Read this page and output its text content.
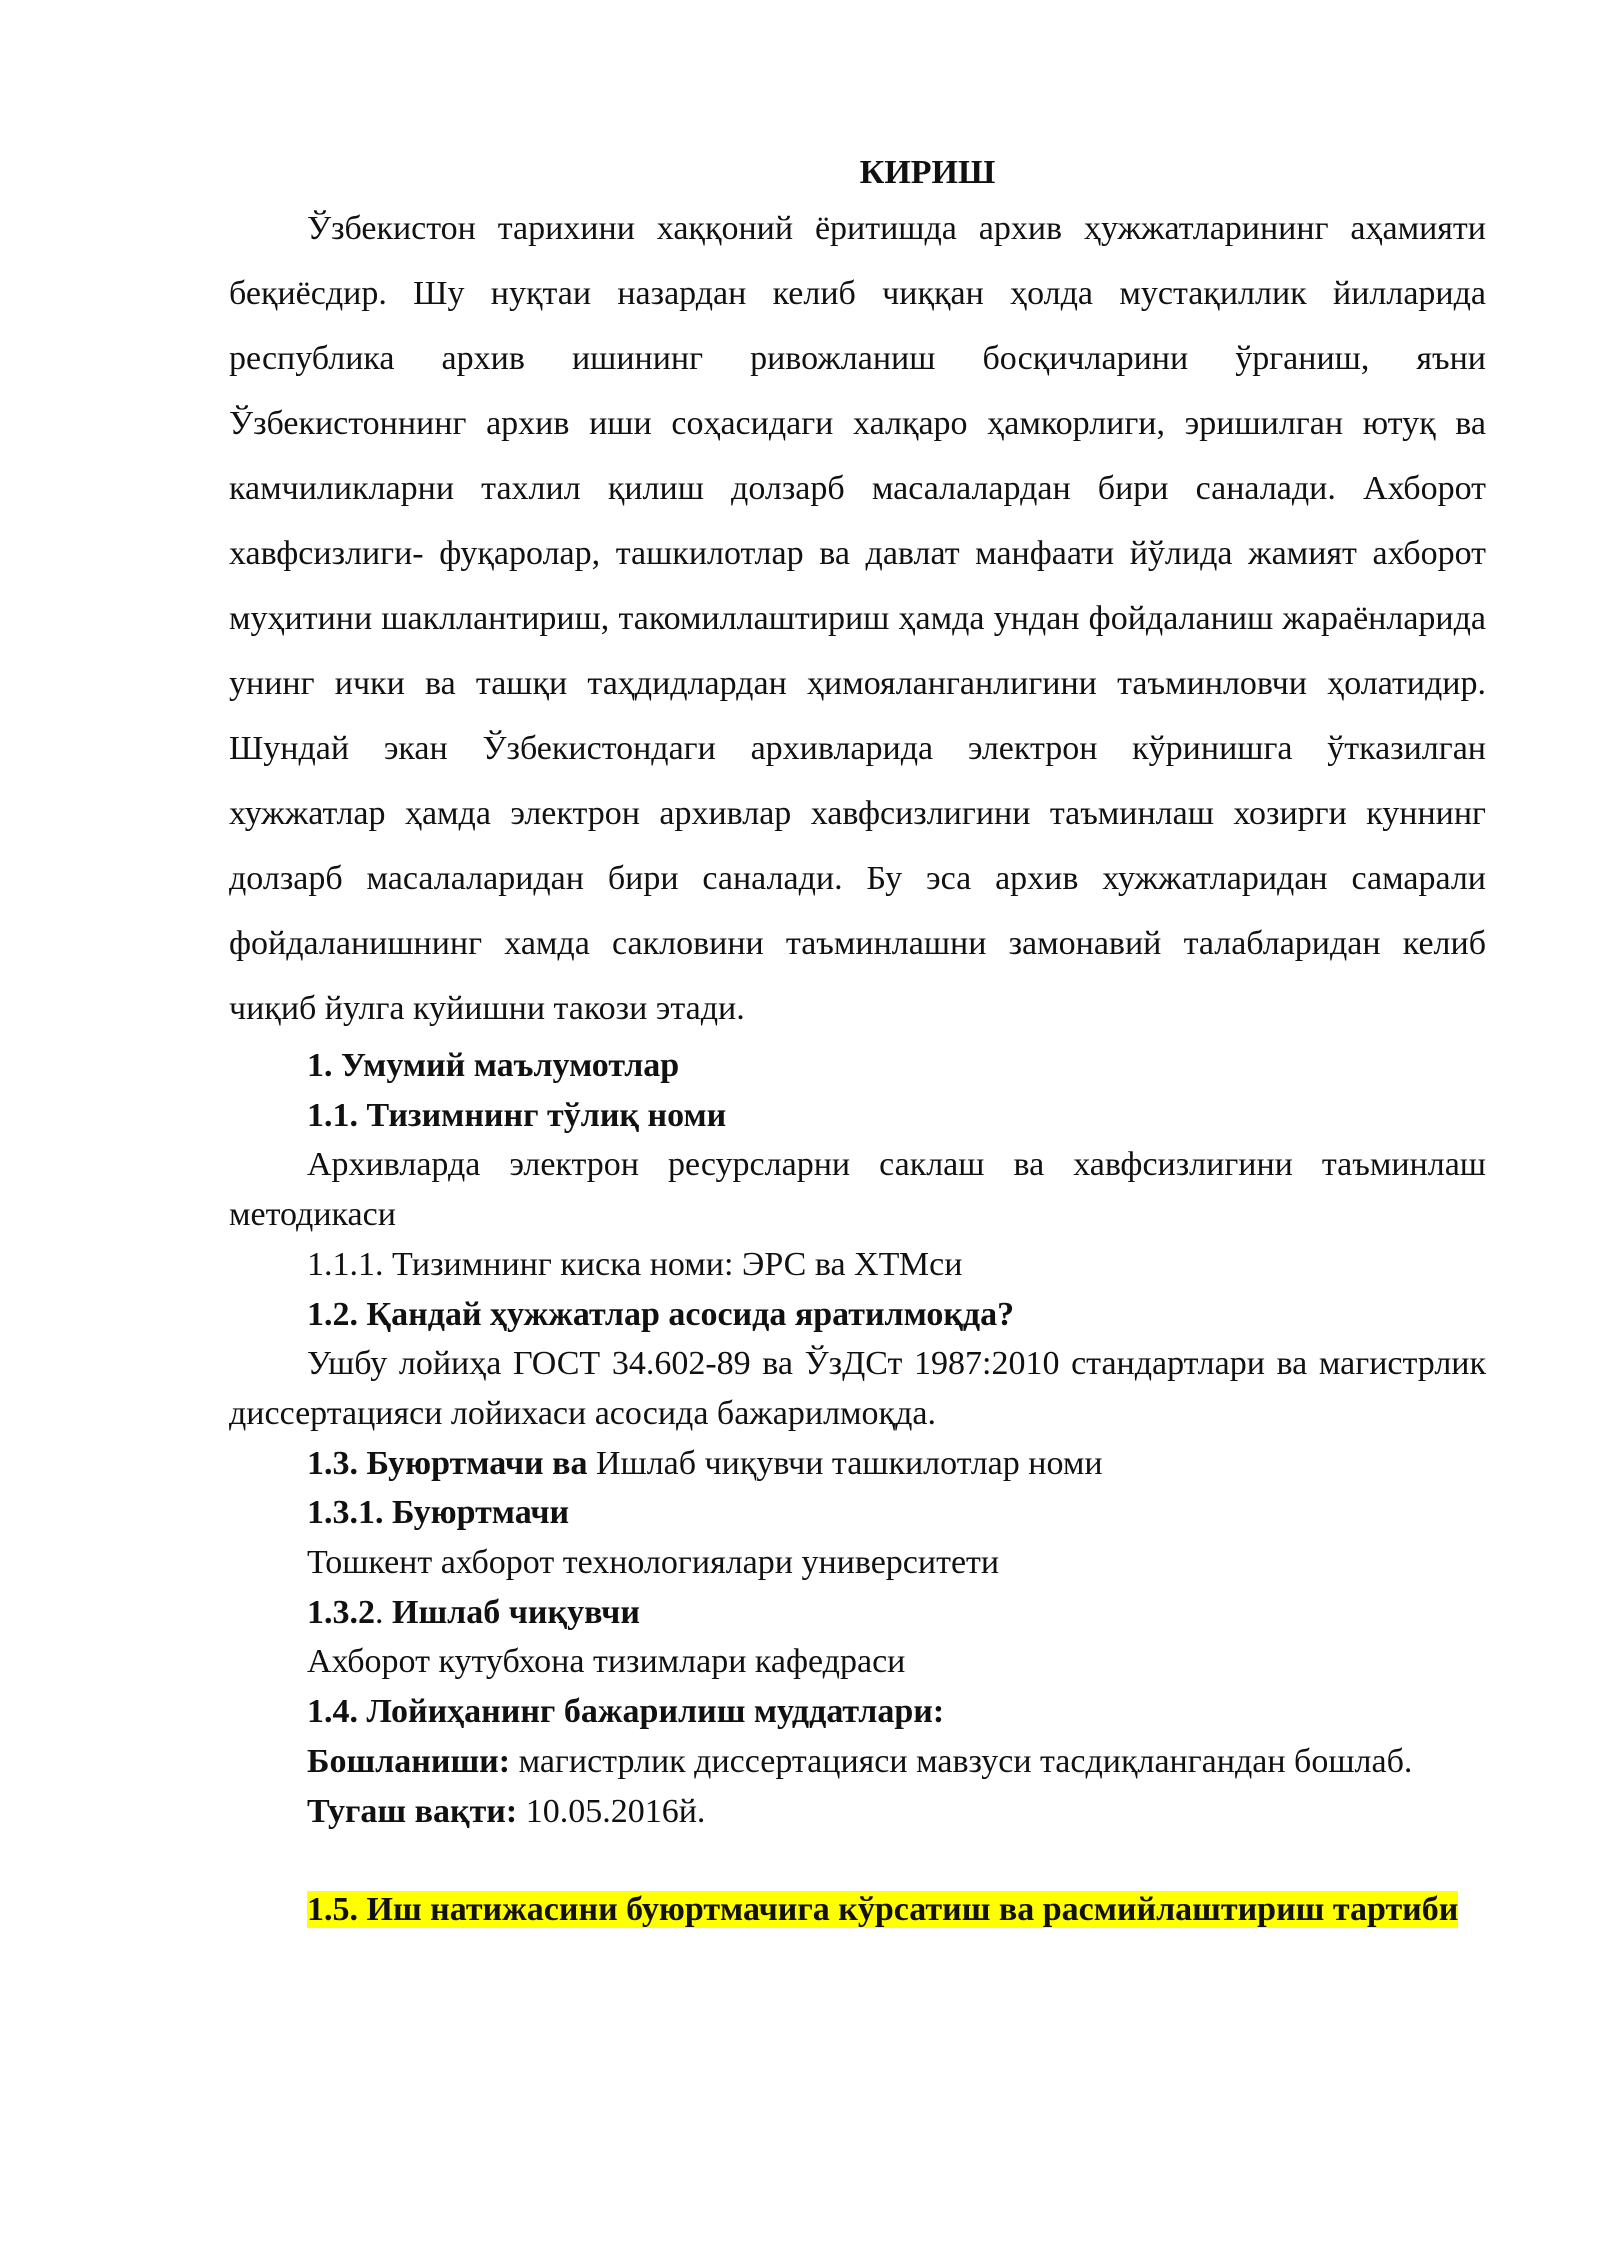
КИРИШ

Ўзбекистон тарихини хаққоний ёритишда архив ҳужжатларининг аҳамияти беқиёсдир. Шу нуқтаи назардан келиб чиққан ҳолда мустақиллик йилларида республика архив ишининг ривожланиш босқичларини ўрганиш, яъни Ўзбекистоннинг архив иши соҳасидаги халқаро ҳамкорлиги, эришилган ютуқ ва камчиликларни тахлил қилиш долзарб масалалардан бири саналади. Ахборот хавфсизлиги- фуқаролар, ташкилотлар ва давлат манфаати йўлида жамият ахборот муҳитини шакллантириш, такомиллаштириш ҳамда ундан фойдаланиш жараёнларида унинг ички ва ташқи таҳдидлардан ҳимояланганлигини таъминловчи ҳолатидир. Шундай экан Ўзбекистондаги архивларида электрон кўринишга ўтказилган хужжатлар ҳамда электрон архивлар хавфсизлигини таъминлаш хозирги куннинг долзарб масалаларидан бири саналади. Бу эса архив хужжатларидан самарали фойдаланишнинг хамда сакловини таъминлашни замонавий талабларидан келиб чиқиб йулга куйишни такози этади.

1. Умумий маълумотлар

1.1. Тизимнинг тўлиқ номи

Архивларда электрон ресурсларни саклаш ва хавфсизлигини таъминлаш методикаси

1.1.1. Тизимнинг киска номи: ЭРС ва ХТМси

1.2. Қандай ҳужжатлар асосида яратилмоқда?

Ушбу лойиҳа ГОСТ 34.602-89 ва ЎзДСт 1987:2010 стандартлари ва магистрлик диссертацияси лойихаси асосида бажарилмоқда.

1.3. Буюртмачи ва Ишлаб чиқувчи ташкилотлар номи

1.3.1. Буюртмачи

Тошкент ахборот технологиялари университети

1.3.2. Ишлаб чиқувчи

Ахборот кутубхона тизимлари кафедраси

1.4. Лойиҳанинг бажарилиш муддатлари:

Бошланиши: магистрлик диссертацияси мавзуси тасдиқлангандан бошлаб.

Тугаш вақти: 10.05.2016й.

1.5. Иш натижасини буюртмачига кўрсатиш ва расмийлаштириш тартиби
